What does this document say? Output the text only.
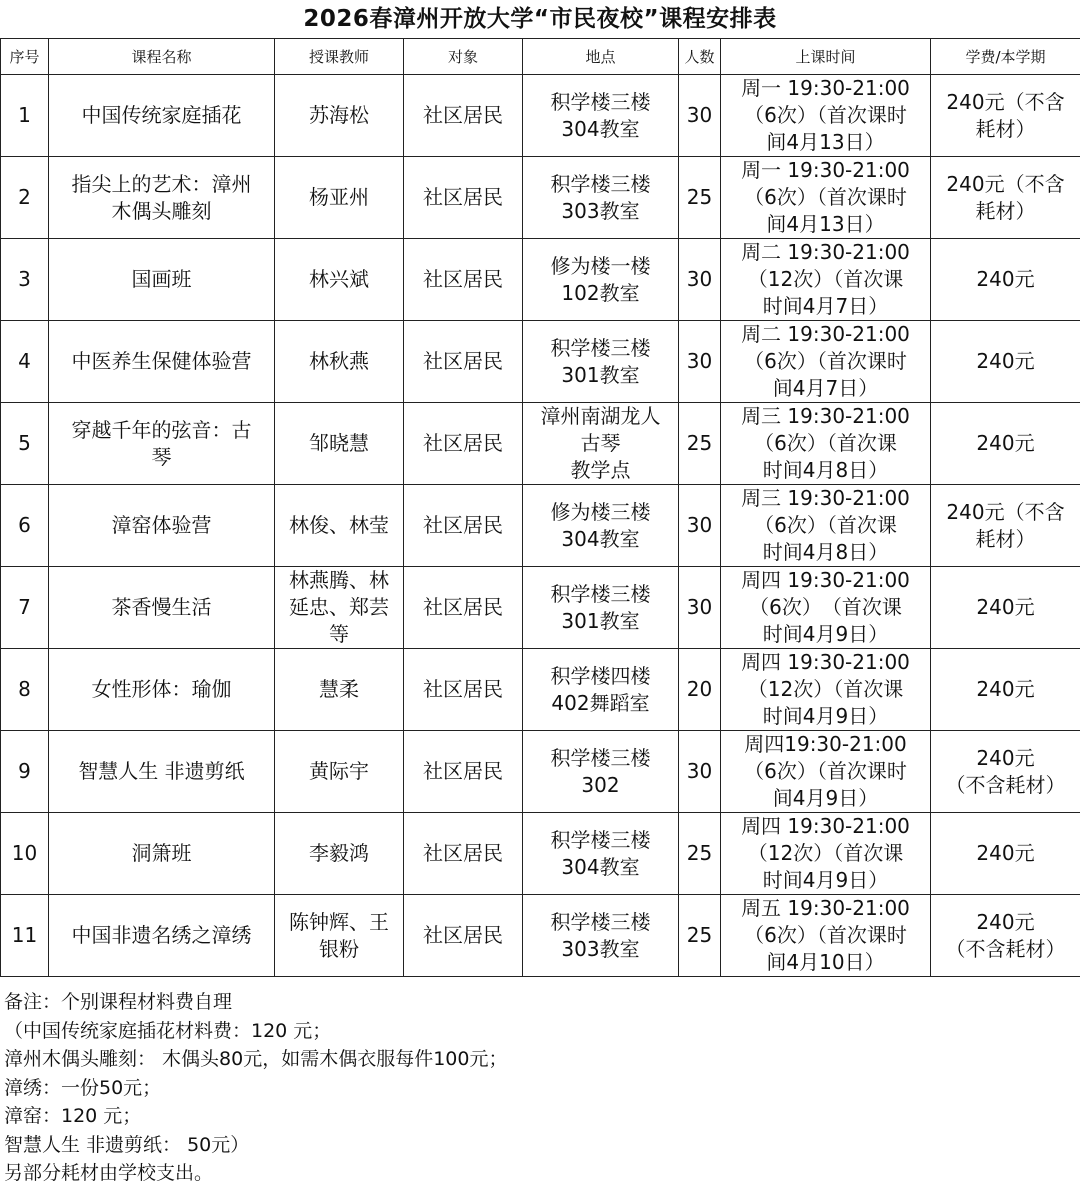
2026春漳州开放大学“市民夜校”课程安排表
序号	课程名称	授课教师	对象	地点	人数	上课时间	学费/本学期
1	中国传统家庭插花	苏海松	社区居民	积学楼三楼
304教室	30	周一 19:30-21:00
（6次）（首次课时
间4月13日）	240元（不含
耗材）
2	指尖上的艺术：漳州
木偶头雕刻	杨亚州	社区居民	积学楼三楼
303教室	25	周一 19:30-21:00
（6次）（首次课时
间4月13日）	240元（不含
耗材）
3	国画班	林兴斌	社区居民	修为楼一楼
102教室	30	周二 19:30-21:00
（12次）（首次课
时间4月7日）	240元
4	中医养生保健体验营	林秋燕	社区居民	积学楼三楼
301教室	30	周二 19:30-21:00
（6次）（首次课时
间4月7日）	240元
5	穿越千年的弦音：古
琴	邹晓慧	社区居民	漳州南湖龙人
古琴
教学点	25	周三 19:30-21:00
（6次）（首次课
时间4月8日）	240元
6	漳窑体验营	林俊、林莹	社区居民	修为楼三楼
304教室	30	周三 19:30-21:00
（6次）（首次课
时间4月8日）	240元（不含
耗材）
7	茶香慢生活	林燕腾、林
延忠、郑芸
等	社区居民	积学楼三楼
301教室	30	周四 19:30-21:00
（6次）　（首次课
时间4月9日）	240元
8	女性形体：瑜伽	慧柔	社区居民	积学楼四楼
402舞蹈室	20	周四 19:30-21:00
（12次）（首次课
时间4月9日）	240元
9	智慧人生 非遗剪纸	黄际宇	社区居民	积学楼三楼
302	30	周四19:30-21:00
（6次）（首次课时
间4月9日）	240元
（不含耗材）
10	洞箫班	李毅鸿	社区居民	积学楼三楼
304教室	25	周四 19:30-21:00
（12次）（首次课
时间4月9日）	240元
11	中国非遗名绣之漳绣	陈钟辉、王
银粉	社区居民	积学楼三楼
303教室	25	周五 19:30-21:00
（6次）（首次课时
间4月10日）	240元
（不含耗材）
备注：个别课程材料费自理
（中国传统家庭插花材料费：120 元；
漳州木偶头雕刻： 木偶头80元，如需木偶衣服每件100元；
漳绣：一份50元；
漳窑：120 元；
智慧人生 非遗剪纸： 50元）
另部分耗材由学校支出。
